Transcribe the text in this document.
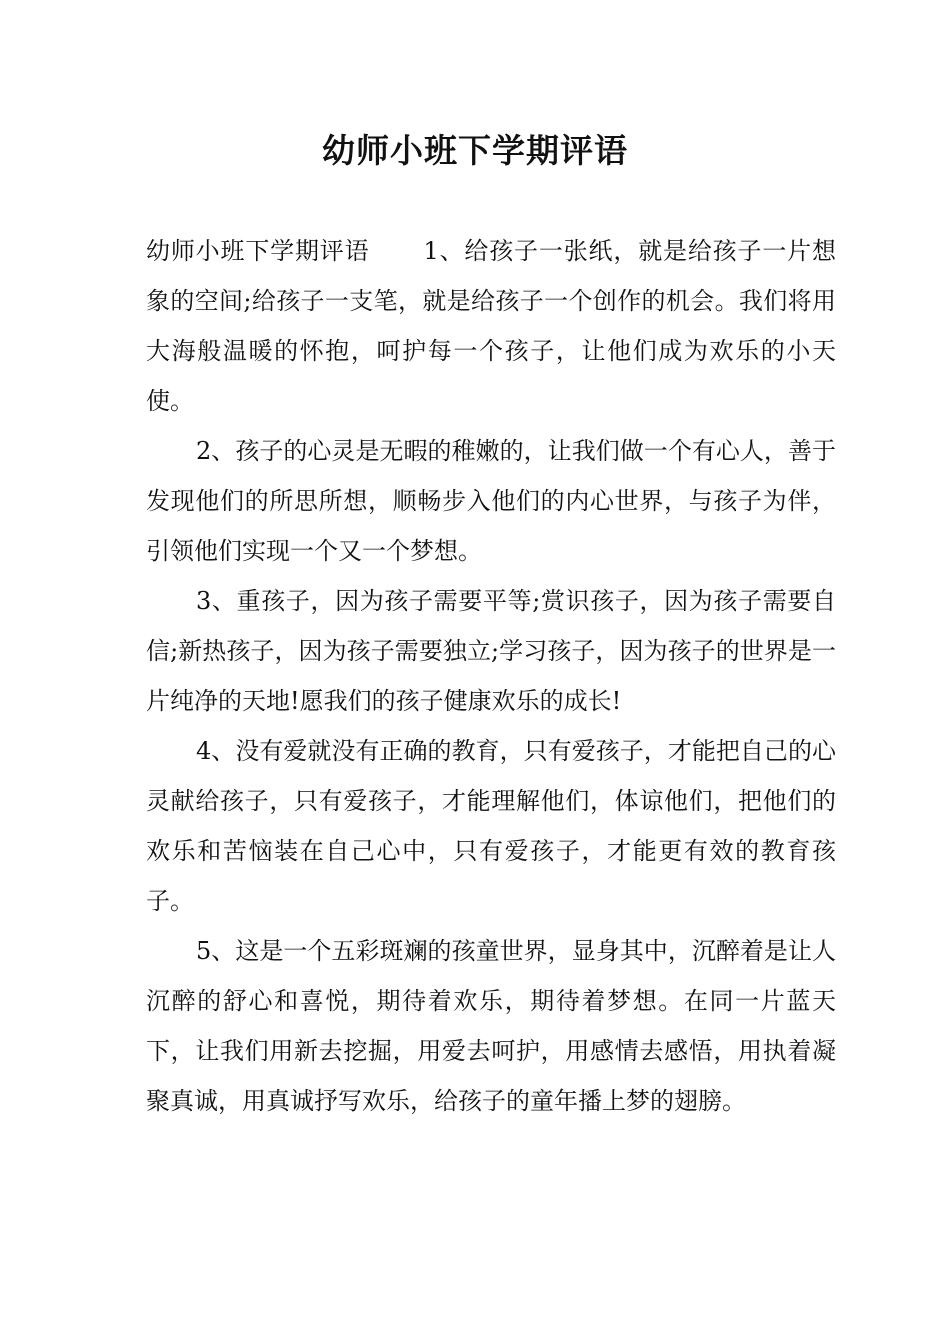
幼师小班下学期评语

幼师小班下学期评语 1、给孩子一张纸，就是给孩子一片想象的空间;给孩子一支笔，就是给孩子一个创作的机会。我们将用大海般温暖的怀抱，呵护每一个孩子，让他们成为欢乐的小天使。

2、孩子的心灵是无暇的稚嫩的，让我们做一个有心人，善于发现他们的所思所想，顺畅步入他们的内心世界，与孩子为伴，引领他们实现一个又一个梦想。

3、重孩子，因为孩子需要平等;赏识孩子，因为孩子需要自信;新热孩子，因为孩子需要独立;学习孩子，因为孩子的世界是一片纯净的天地!愿我们的孩子健康欢乐的成长!

4、没有爱就没有正确的教育，只有爱孩子，才能把自己的心灵献给孩子，只有爱孩子，才能理解他们，体谅他们，把他们的欢乐和苦恼装在自己心中，只有爱孩子，才能更有效的教育孩子。

5、这是一个五彩斑斓的孩童世界，显身其中，沉醉着是让人沉醉的舒心和喜悦，期待着欢乐，期待着梦想。在同一片蓝天下，让我们用新去挖掘，用爱去呵护，用感情去感悟，用执着凝聚真诚，用真诚抒写欢乐，给孩子的童年播上梦的翅膀。
